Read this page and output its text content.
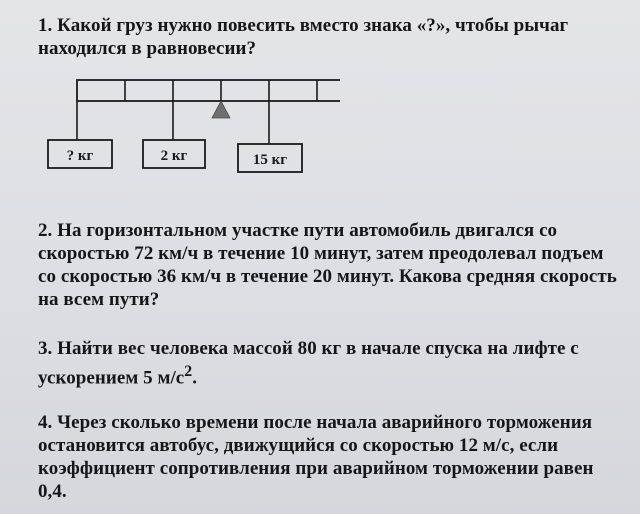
1. Какой груз нужно повесить вместо знака «?», чтобы рычаг находился в равновесии?

? кг	2 кг	15 кг

2. На горизонтальном участке пути автомобиль двигался со скоростью 72 км/ч в течение 10 минут, затем преодолевал подъем со скоростью 36 км/ч в течение 20 минут. Какова средняя скорость на всем пути?

3. Найти вес человека массой 80 кг в начале спуска на лифте с ускорением 5 $м/с^2$.

4. Через сколько времени после начала аварийного торможения остановится автобус, движущийся со скоростью 12 м/с, если коэффициент сопротивления при аварийном торможении равен 0,4.
